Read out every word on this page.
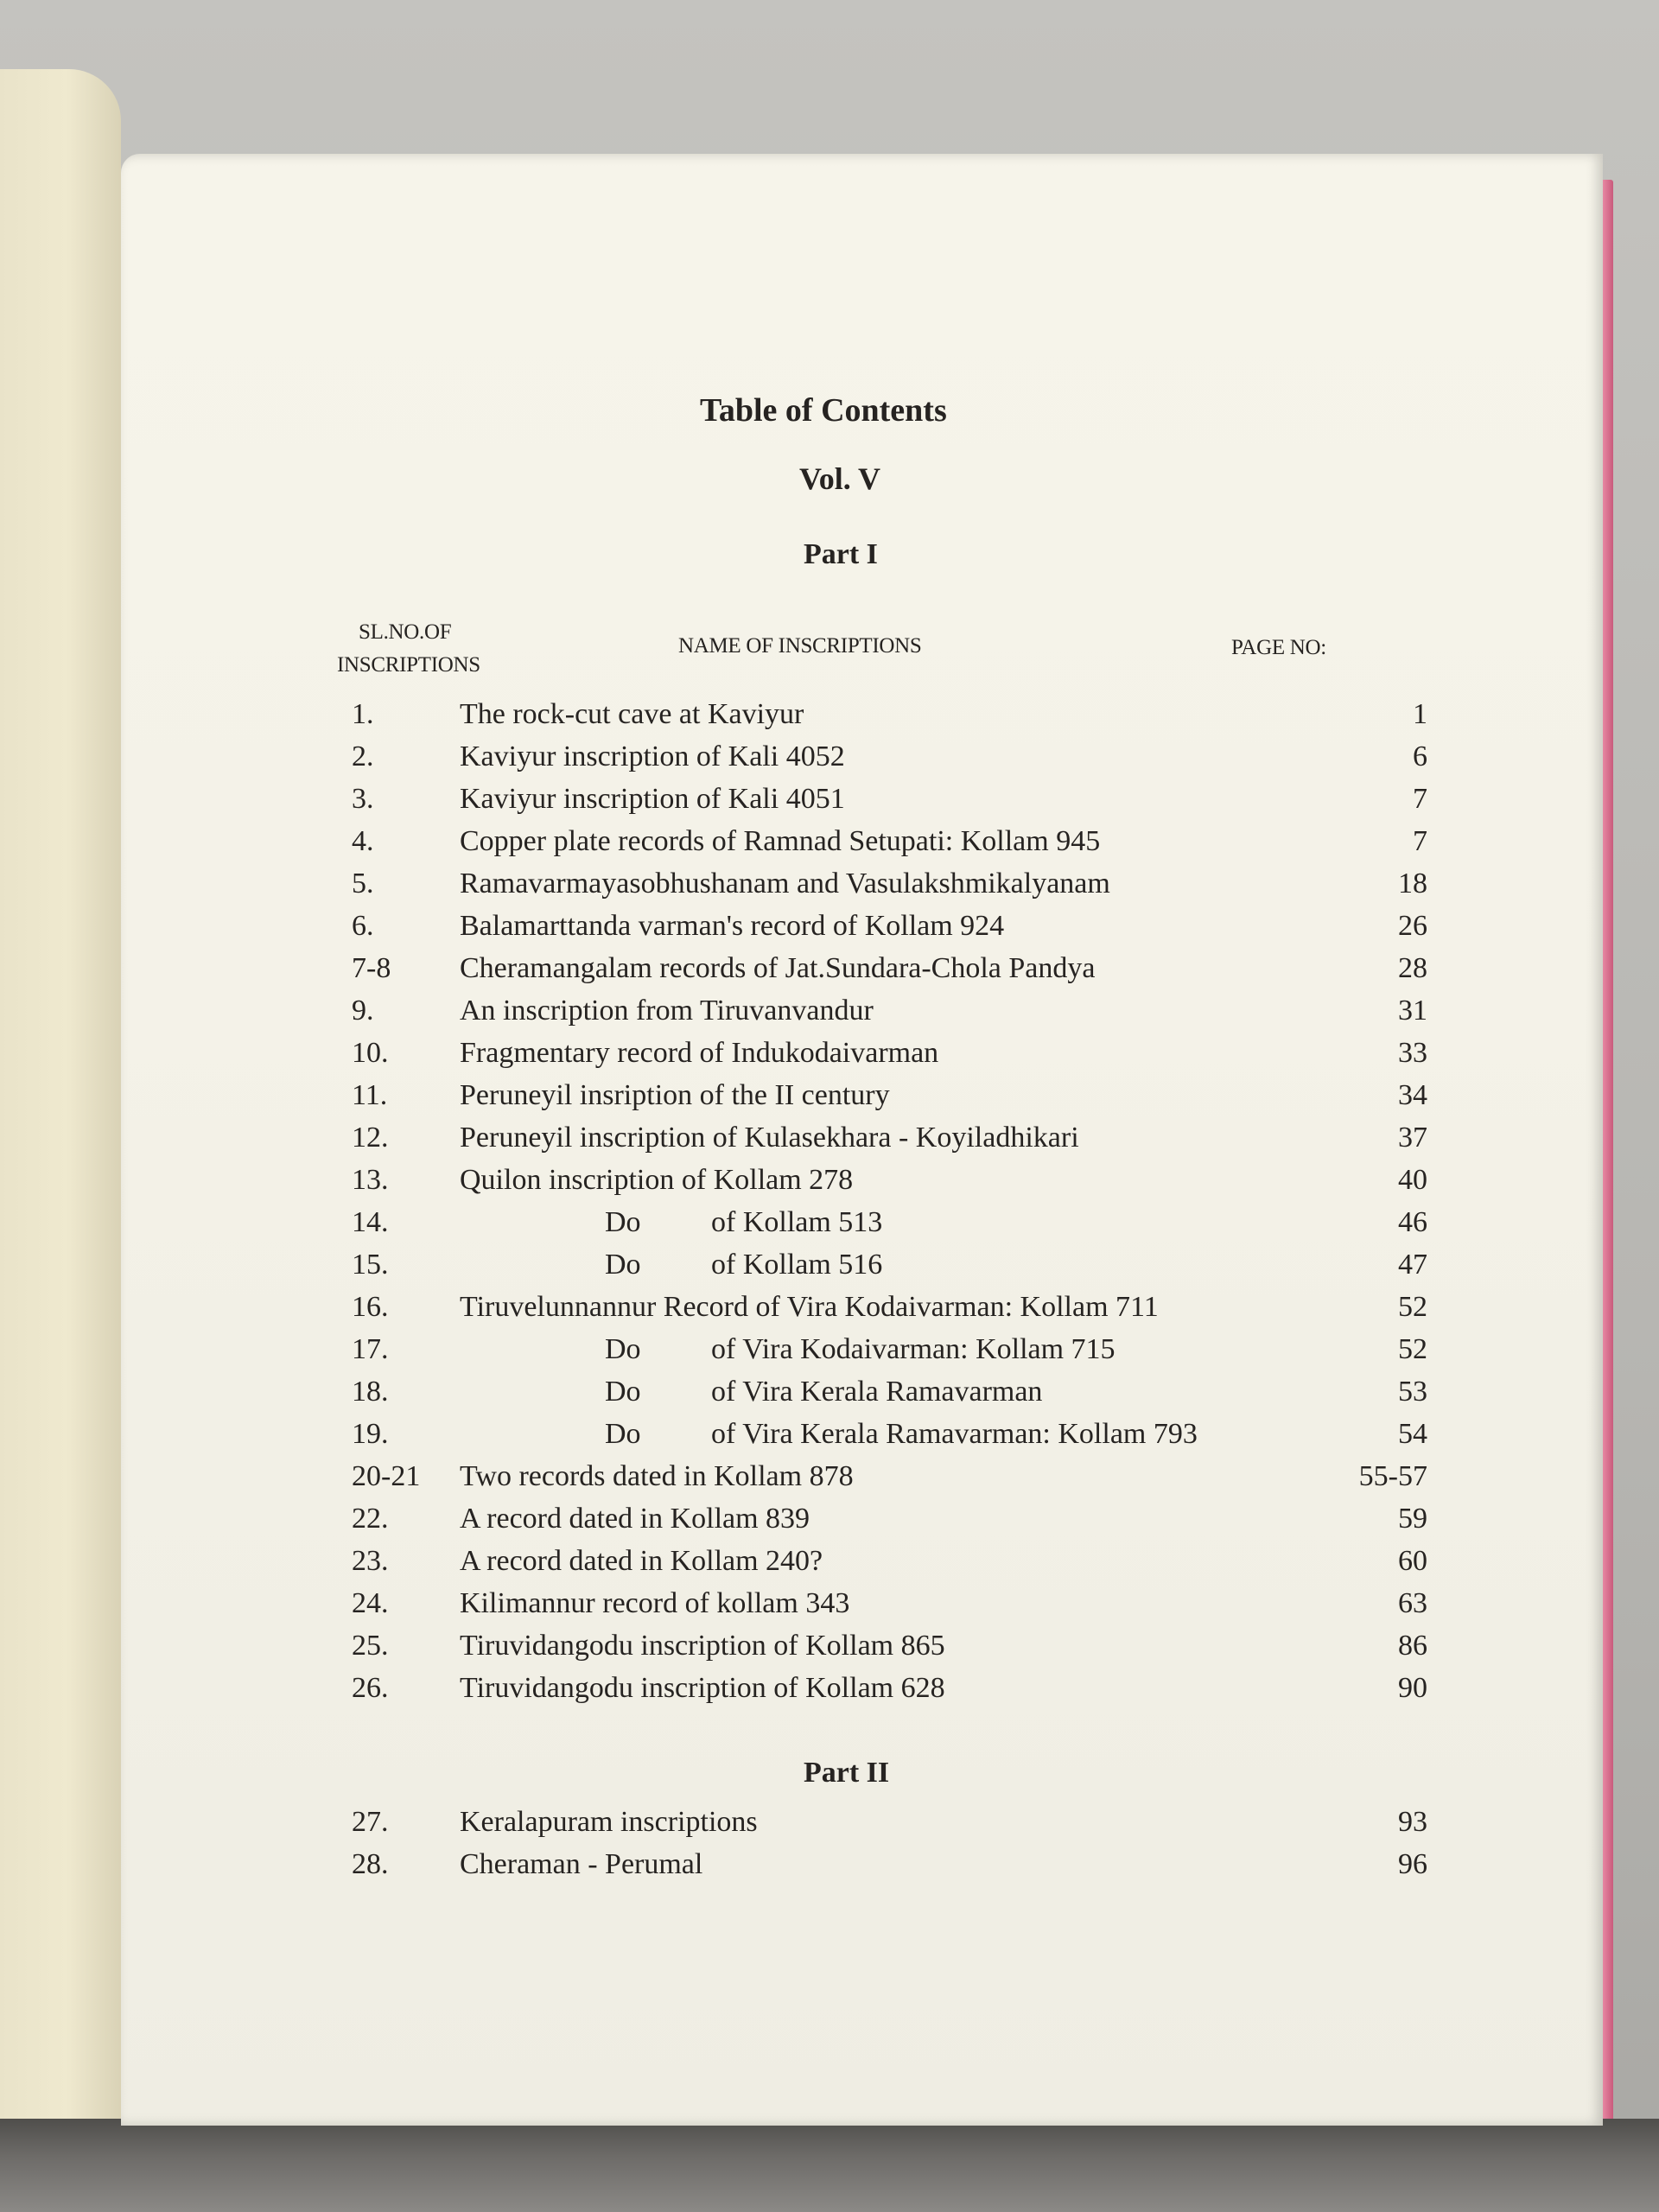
Table of Contents
Vol. V
Part I
SL.NO.OF
INSCRIPTIONS
NAME OF INSCRIPTIONS	PAGE NO:
1.	The rock-cut cave at Kaviyur	1
2.	Kaviyur inscription of Kali 4052	6
3.	Kaviyur inscription of Kali 4051	7
4.	Copper plate records of Ramnad Setupati: Kollam 945	7
5.	Ramavarmayasobhushanam and Vasulakshmikalyanam	18
6.	Balamarttanda varman's record of Kollam 924	26
7-8 Cheramangalam records of Jat.Sundara-Chola Pandya	28
9.	An inscription from Tiruvanvandur	31
10. Fragmentary record of Indukodaivarman	33
11. Peruneyil insription of the II century	34
12. Peruneyil inscription of Kulasekhara - Koyiladhikari	37
13. Quilon inscription of Kollam 278	40
14.	Do of Kollam 513	46
15.	Do of Kollam 516	47
16. Tiruvelunnannur Record of Vira Kodaivarman: Kollam 711	52
17.	Do of Vira Kodaivarman: Kollam 715	52
18.	Do of Vira Kerala Ramavarman	53
19.	Do of Vira Kerala Ramavarman: Kollam 793	54
20-21 Two records dated in Kollam 878	55-57
22. A record dated in Kollam 839	59
23. A record dated in Kollam 240?	60
24. Kilimannur record of kollam 343	63
25. Tiruvidangodu inscription of Kollam 865	86
26. Tiruvidangodu inscription of Kollam 628	90
Part II
27. Keralapuram inscriptions	93
28. Cheraman - Perumal	96
